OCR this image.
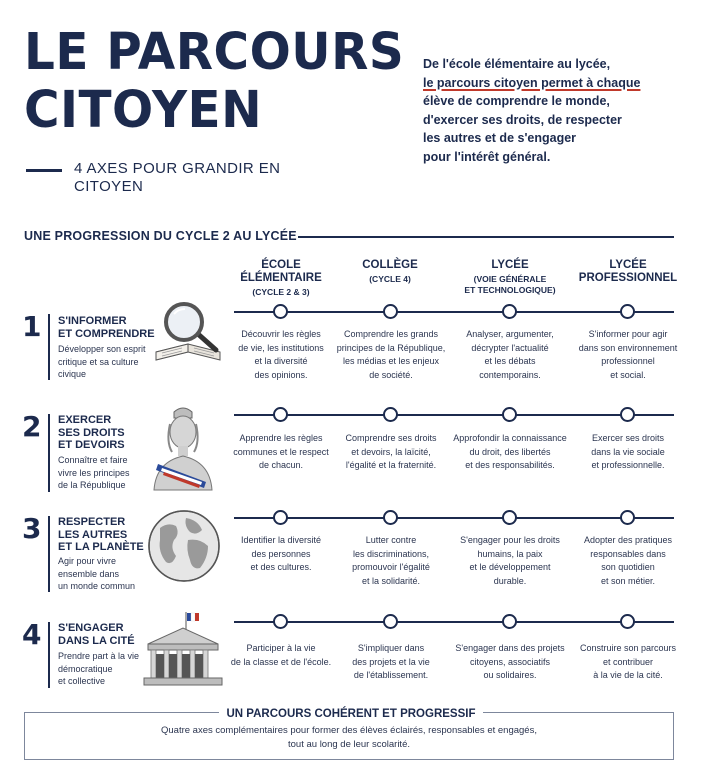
LE PARCOURS
CITOYEN
4 AXES POUR GRANDIR EN CITOYEN
De l'école élémentaire au lycée,
le parcours citoyen permet à chaque
élève de comprendre le monde,
d'exercer ses droits, de respecter
les autres et de s'engager
pour l'intérêt général.
UNE PROGRESSION DU CYCLE 2 AU LYCÉE
ÉCOLE
ÉLÉMENTAIRE
(CYCLE 2 & 3)
COLLÈGE
(CYCLE 4)
LYCÉE
(VOIE GÉNÉRALE
ET TECHNOLOGIQUE)
LYCÉE
PROFESSIONNEL
1 S'INFORMER
ET COMPRENDRE
Développer son esprit
critique et sa culture
civique
Découvrir les règles
de vie, les institutions
et la diversité
des opinions.
Comprendre les grands
principes de la République,
les médias et les enjeux
de société.
Analyser, argumenter,
décrypter l'actualité
et les débats
contemporains.
S'informer pour agir
dans son environnement
professionnel
et social.
2 EXERCER
SES DROITS
ET DEVOIRS
Connaître et faire
vivre les principes
de la République
Apprendre les règles
communes et le respect
de chacun.
Comprendre ses droits
et devoirs, la laïcité,
l'égalité et la fraternité.
Approfondir la connaissance
du droit, des libertés
et des responsabilités.
Exercer ses droits
dans la vie sociale
et professionnelle.
3 RESPECTER
LES AUTRES
ET LA PLANÈTE
Agir pour vivre
ensemble dans
un monde commun
Identifier la diversité
des personnes
et des cultures.
Lutter contre
les discriminations,
promouvoir l'égalité
et la solidarité.
S'engager pour les droits
humains, la paix
et le développement
durable.
Adopter des pratiques
responsables dans
son quotidien
et son métier.
4 S'ENGAGER
DANS LA CITÉ
Prendre part à la vie
démocratique
et collective
Participer à la vie
de la classe et de l'école.
S'impliquer dans
des projets et la vie
de l'établissement.
S'engager dans des projets
citoyens, associatifs
ou solidaires.
Construire son parcours
et contribuer
à la vie de la cité.
UN PARCOURS COHÉRENT ET PROGRESSIF
Quatre axes complémentaires pour former des élèves éclairés, responsables et engagés,
tout au long de leur scolarité.
